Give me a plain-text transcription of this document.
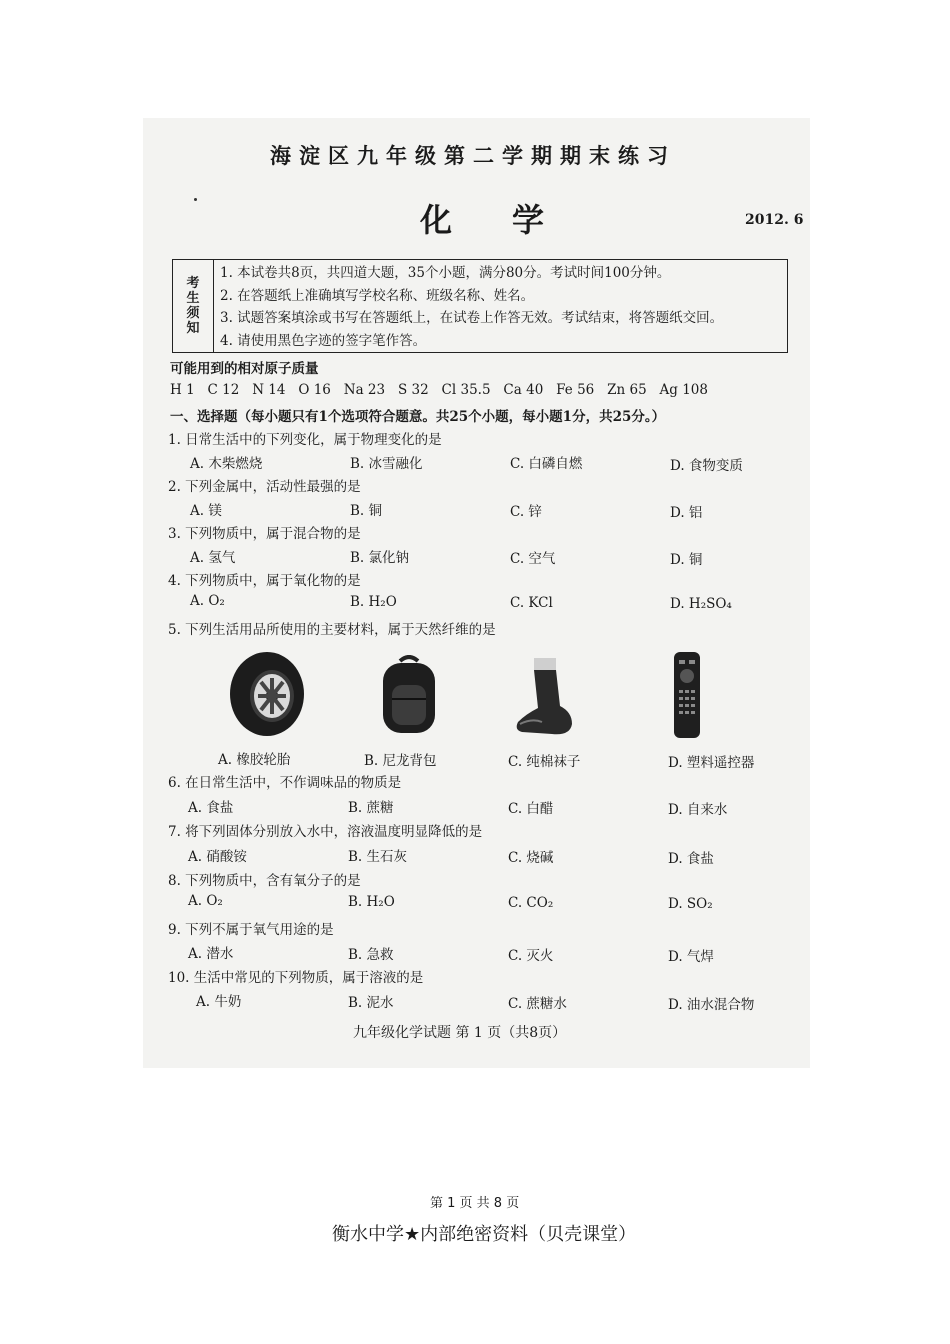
海淀区九年级第二学期期末练习
化学	2012. 6
考
生
须
知
1. 本试卷共8页，共四道大题，35个小题，满分80分。考试时间100分钟。
2. 在答题纸上准确填写学校名称、班级名称、姓名。
3. 试题答案填涂或书写在答题纸上，在试卷上作答无效。考试结束，将答题纸交回。
4. 请使用黑色字迹的签字笔作答。
可能用到的相对原子质量
H 1   C 12   N 14   O 16   Na 23   S 32   Cl 35.5   Ca 40   Fe 56   Zn 65   Ag 108
一、选择题（每小题只有1个选项符合题意。共25个小题，每小题1分，共25分。）
1. 日常生活中的下列变化，属于物理变化的是
A. 木柴燃烧	B. 冰雪融化	C. 白磷自燃	D. 食物变质
2. 下列金属中，活动性最强的是
A. 镁	B. 铜	C. 锌	D. 铝
3. 下列物质中，属于混合物的是
A. 氢气	B. 氯化钠	C. 空气	D. 铜
4. 下列物质中，属于氧化物的是
A. O₂	B. H₂O	C. KCl	D. H₂SO₄
5. 下列生活用品所使用的主要材料，属于天然纤维的是
A. 橡胶轮胎	B. 尼龙背包	C. 纯棉袜子	D. 塑料遥控器
6. 在日常生活中，不作调味品的物质是
A. 食盐	B. 蔗糖	C. 白醋	D. 自来水
7. 将下列固体分别放入水中，溶液温度明显降低的是
A. 硝酸铵	B. 生石灰	C. 烧碱	D. 食盐
8. 下列物质中，含有氧分子的是
A. O₂	B. H₂O	C. CO₂	D. SO₂
9. 下列不属于氧气用途的是
A. 潜水	B. 急救	C. 灭火	D. 气焊
10. 生活中常见的下列物质，属于溶液的是
A. 牛奶	B. 泥水	C. 蔗糖水	D. 油水混合物
九年级化学试题 第 1 页（共8页）
第 1 页 共 8 页
衡水中学★内部绝密资料（贝壳课堂）
